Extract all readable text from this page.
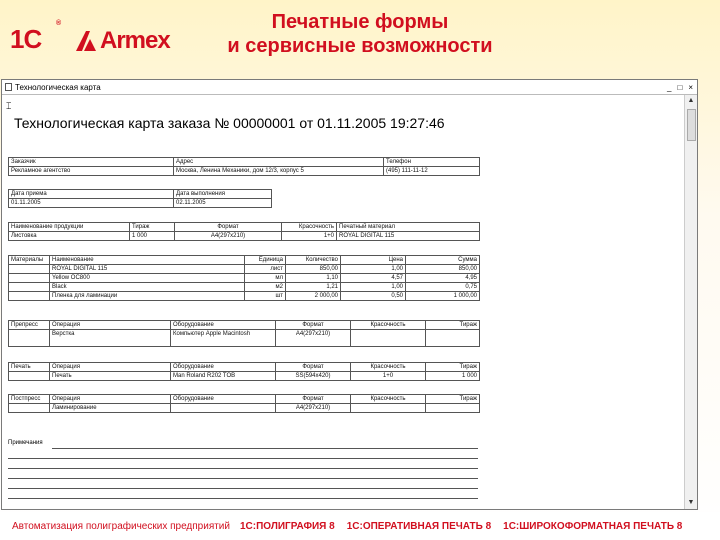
1С
®
Armex
Печатные формы
и сервисные возможности
Технологическая карта	_ □ ×
⌶
Технологическая карта заказа № 00000001 от 01.11.2005 19:27:46
Заказчик	Адрес	Телефон
Рекламное агентство	Москва, Ленина Механики, дом 12/3, корпус 5	(495) 111-11-12
Дата приема	Дата выполнения
01.11.2005	02.11.2005
Наименование продукции	Тираж	Формат	Красочность	Печатный материал
Листовка	1 000	А4(297х210)	1+0	ROYAL DIGITAL 115
Материалы	Наименование	Единица	Количество	Цена	Сумма
	ROYAL DIGITAL 115	лист	850,00	1,00	850,00
	Yellow OC800	мл	1,10	4,57	4,95
	Black	м2	1,21	1,00	0,75
	Пленка для ламинации	шт	2 000,00	0,50	1 000,00
Препресс	Операция	Оборудование	Формат	Красочность	Тираж
	Верстка	Компьютер Apple Macintosh	А4(297х210)		
Печать	Операция	Оборудование	Формат	Красочность	Тираж
	Печать	Man Roland R202 TOB	SS(594х420)	1+0	1 000
Постпресс	Операция	Оборудование	Формат	Красочность	Тираж
	Ламинирование		А4(297х210)		
Примечания
▲
▼
Автоматизация полиграфических предприятий 1С:ПОЛИГРАФИЯ 8 1С:ОПЕРАТИВНАЯ ПЕЧАТЬ 8 1С:ШИРОКОФОРМАТНАЯ ПЕЧАТЬ 8
